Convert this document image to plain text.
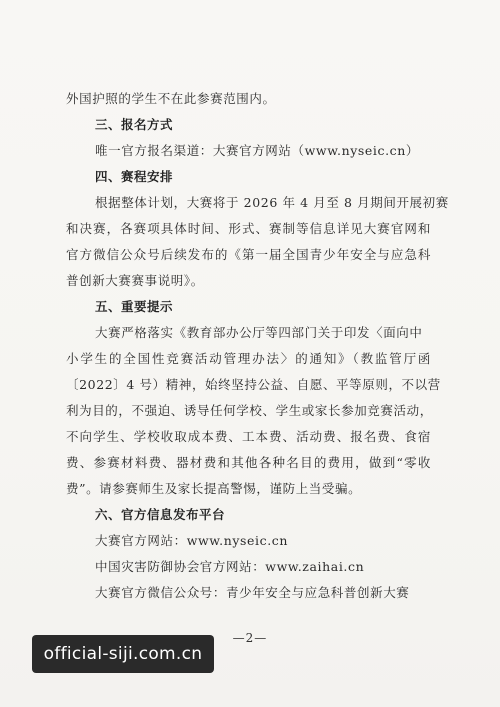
外国护照的学生不在此参赛范围内。
三、报名方式
唯一官方报名渠道：大赛官方网站（www.nyseic.cn）
四、赛程安排
根据整体计划，大赛将于 2026 年 4 月至 8 月期间开展初赛
和决赛，各赛项具体时间、形式、赛制等信息详见大赛官网和
官方微信公众号后续发布的《第一届全国青少年安全与应急科
普创新大赛赛事说明》。
五、重要提示
大赛严格落实《教育部办公厅等四部门关于印发〈面向中
小学生的全国性竞赛活动管理办法〉的通知》（教监管厅函
〔2022〕4 号）精神，始终坚持公益、自愿、平等原则，不以营
利为目的，不强迫、诱导任何学校、学生或家长参加竞赛活动，
不向学生、学校收取成本费、工本费、活动费、报名费、食宿
费、参赛材料费、器材费和其他各种名目的费用，做到“零收
费”。请参赛师生及家长提高警惕，谨防上当受骗。
六、官方信息发布平台
大赛官方网站：www.nyseic.cn
中国灾害防御协会官方网站：www.zaihai.cn
大赛官方微信公众号：青少年安全与应急科普创新大赛
—2—
official-siji.com.cn
